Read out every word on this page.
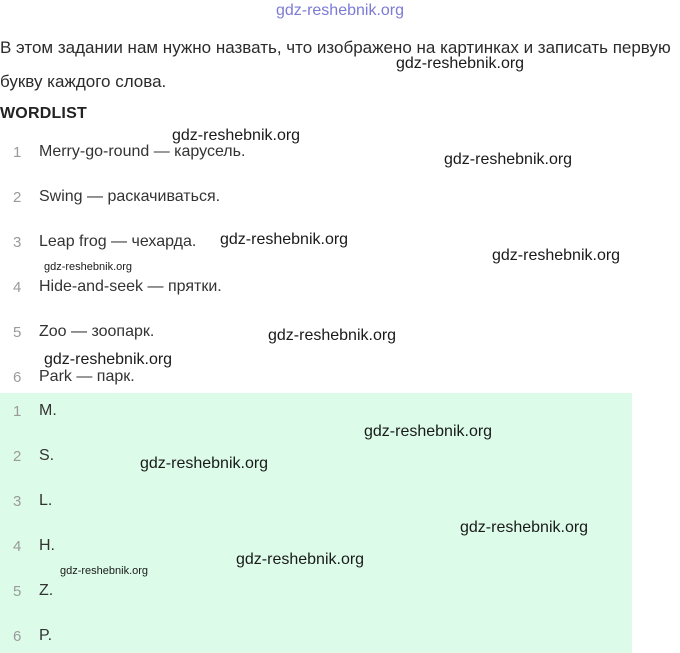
gdz-reshebnik.org
В этом задании нам нужно назвать, что изображено на картинках и записать первую букву каждого слова.
WORDLIST
1	Merry-go-round — карусель.
2	Swing — раскачиваться.
3	Leap frog — чехарда.
4	Hide-and-seek — прятки.
5	Zoo — зоопарк.
6	Park — парк.
1	M.
2	S.
3	L.
4	H.
5	Z.
6	P.
gdz-reshebnik.org
gdz-reshebnik.org
gdz-reshebnik.org
gdz-reshebnik.org
gdz-reshebnik.org
gdz-reshebnik.org
gdz-reshebnik.org
gdz-reshebnik.org
gdz-reshebnik.org
gdz-reshebnik.org
gdz-reshebnik.org
gdz-reshebnik.org
gdz-reshebnik.org
